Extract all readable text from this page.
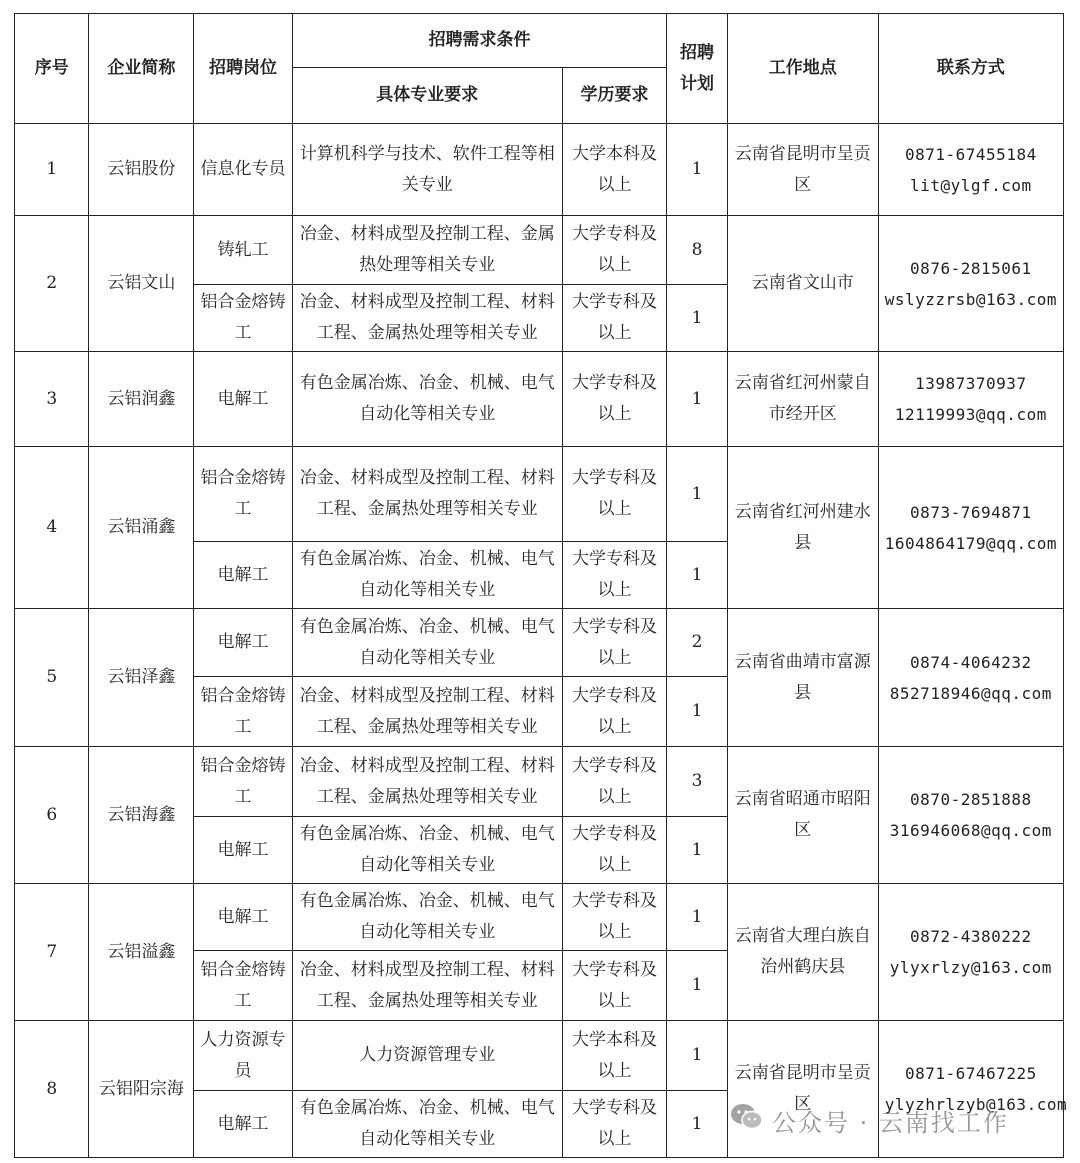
序号	企业简称	招聘岗位	招聘需求条件		招聘计划	工作地点	联系方式
			具体专业要求	学历要求			
1	云铝股份	信息化专员	计算机科学与技术、软件工程等相关专业	大学本科及以上	1	云南省昆明市呈贡区	0871-67455184
lit@ylgf.com

2	云铝文山	铸轧工	冶金、材料成型及控制工程、金属热处理等相关专业	大学专科及以上	8	云南省文山市	0876-2815061
wslyzzrsb@163.com

		铝合金熔铸工	冶金、材料成型及控制工程、材料工程、金属热处理等相关专业	大学专科及以上	1		
3	云铝润鑫	电解工	有色金属冶炼、冶金、机械、电气自动化等相关专业	大学专科及以上	1	云南省红河州蒙自市经开区	13987370937
12119993@qq.com

4	云铝涌鑫	铝合金熔铸工	冶金、材料成型及控制工程、材料工程、金属热处理等相关专业	大学专科及以上	1	云南省红河州建水县	0873-7694871
1604864179@qq.com

		电解工	有色金属冶炼、冶金、机械、电气自动化等相关专业	大学专科及以上	1		
5	云铝泽鑫	电解工	有色金属冶炼、冶金、机械、电气自动化等相关专业	大学专科及以上	2	云南省曲靖市富源县	0874-4064232
852718946@qq.com

		铝合金熔铸工	冶金、材料成型及控制工程、材料工程、金属热处理等相关专业	大学专科及以上	1		
6	云铝海鑫	铝合金熔铸工	冶金、材料成型及控制工程、材料工程、金属热处理等相关专业	大学专科及以上	3	云南省昭通市昭阳区	0870-2851888
316946068@qq.com

		电解工	有色金属冶炼、冶金、机械、电气自动化等相关专业	大学专科及以上	1		
7	云铝溢鑫	电解工	有色金属冶炼、冶金、机械、电气自动化等相关专业	大学专科及以上	1	云南省大理白族自治州鹤庆县	0872-4380222
ylyxrlzy@163.com

		铝合金熔铸工	冶金、材料成型及控制工程、材料工程、金属热处理等相关专业	大学专科及以上	1		
8	云铝阳宗海	人力资源专员	人力资源管理专业	大学本科及以上	1	云南省昆明市呈贡区	0871-67467225
ylyzhrlzyb@163.com

		电解工	有色金属冶炼、冶金、机械、电气自动化等相关专业	大学专科及以上	1			公众号 · 云南找工作
